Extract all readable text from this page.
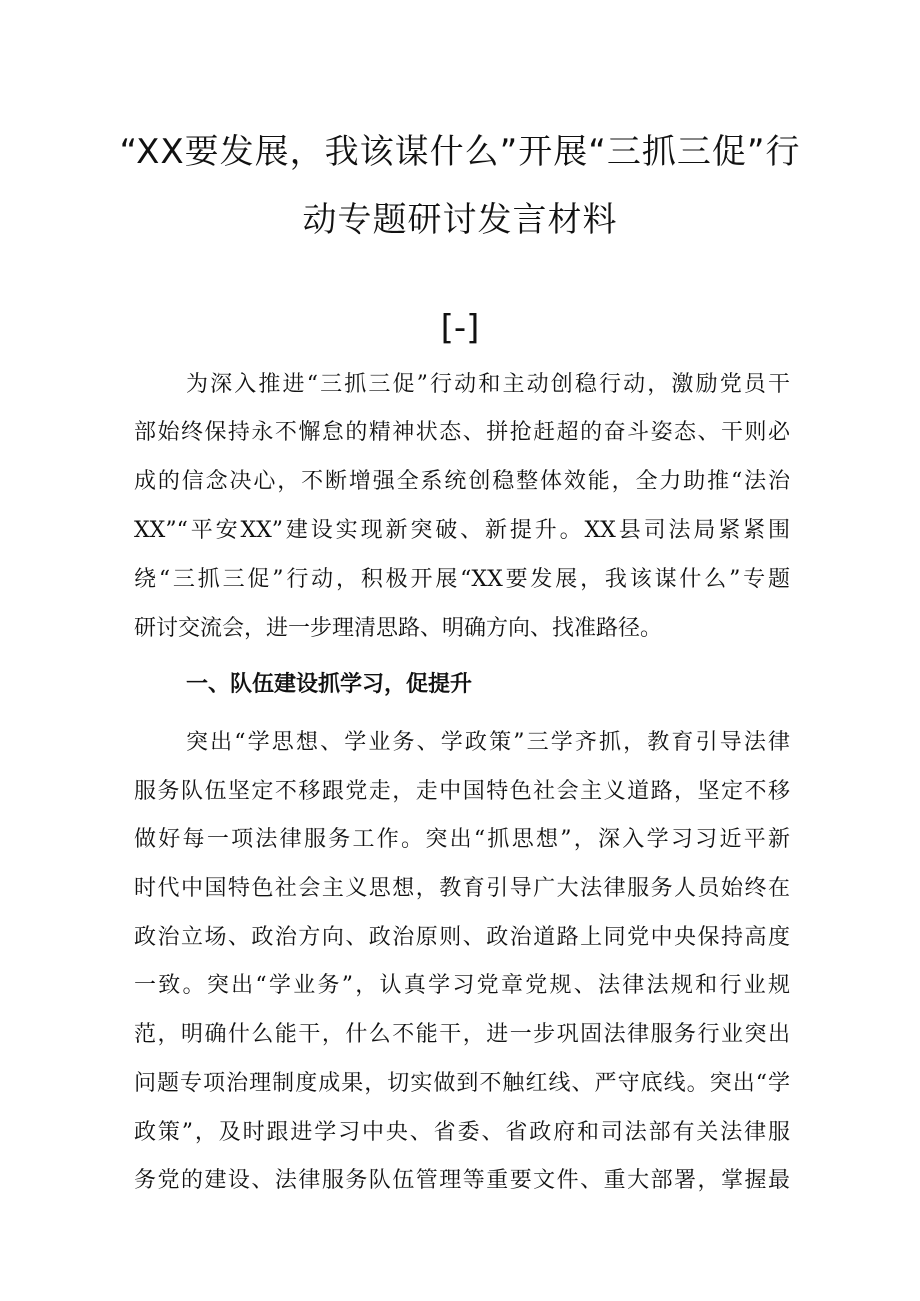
“XX要发展，我该谋什么”开展“三抓三促”行
动专题研讨发言材料
[-]
为深入推进“三抓三促”行动和主动创稳行动，激励党员干
部始终保持永不懈怠的精神状态、拼抢赶超的奋斗姿态、干则必
成的信念决心，不断增强全系统创稳整体效能，全力助推“法治
XX”“平安XX”建设实现新突破、新提升。XX县司法局紧紧围
绕“三抓三促”行动，积极开展“XX要发展，我该谋什么”专题
研讨交流会，进一步理清思路、明确方向、找准路径。
一、队伍建设抓学习，促提升
突出“学思想、学业务、学政策”三学齐抓，教育引导法律
服务队伍坚定不移跟党走，走中国特色社会主义道路，坚定不移
做好每一项法律服务工作。突出“抓思想”，深入学习习近平新
时代中国特色社会主义思想，教育引导广大法律服务人员始终在
政治立场、政治方向、政治原则、政治道路上同党中央保持高度
一致。突出“学业务”，认真学习党章党规、法律法规和行业规
范，明确什么能干，什么不能干，进一步巩固法律服务行业突出
问题专项治理制度成果，切实做到不触红线、严守底线。突出“学
政策”，及时跟进学习中央、省委、省政府和司法部有关法律服
务党的建设、法律服务队伍管理等重要文件、重大部署，掌握最
